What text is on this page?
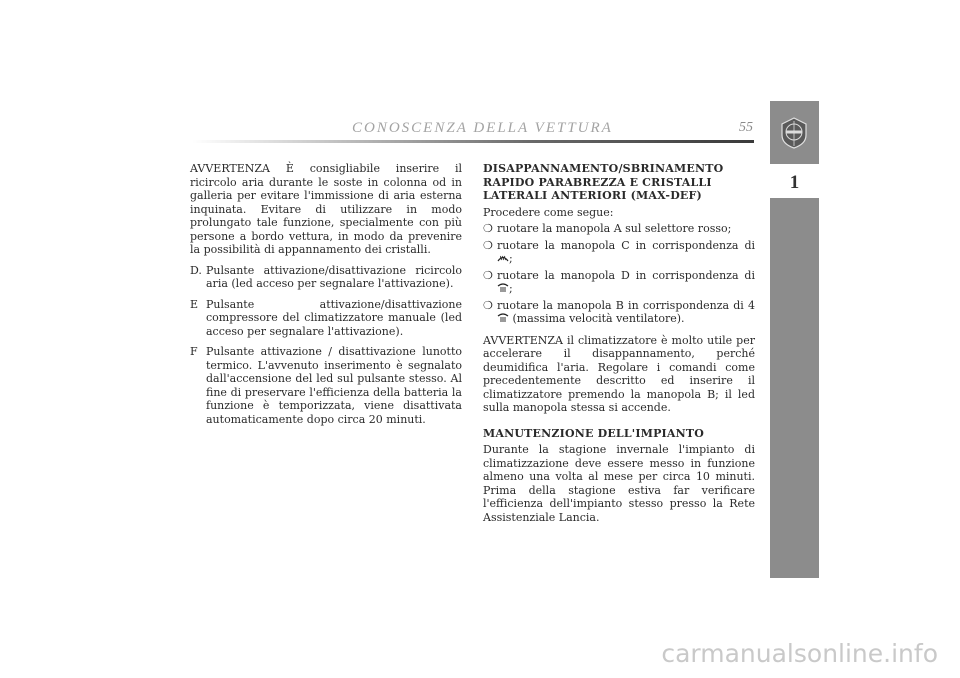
CONOSCENZA DELLA VETTURA	55
1

AVVERTENZA È consigliabile inserire il ricircolo aria durante le soste in colonna od in galleria per evitare l'immissione di aria esterna inquinata. Evitare di utilizzare in modo prolungato tale funzione, specialmente con più persone a bordo vettura, in modo da prevenire la possibilità di appannamento dei cristalli.

D. Pulsante attivazione/disattivazione ricircolo aria (led acceso per segnalare l'attivazione).
E Pulsante attivazione/disattivazione compressore del climatizzatore manuale (led acceso per segnalare l'attivazione).
F Pulsante attivazione / disattivazione lunotto termico. L'avvenuto inserimento è segnalato dall'accensione del led sul pulsante stesso. Al fine di preservare l'efficienza della batteria la funzione è temporizzata, viene disattivata automaticamente dopo circa 20 minuti.
DISAPPANNAMENTO/SBRINAMENTO RAPIDO PARABREZZA E CRISTALLI LATERALI ANTERIORI (MAX-DEF)

Procedere come segue:

❍ ruotare la manopola A sul selettore rosso;
❍ ruotare la manopola C in corrispondenza di ;
❍ ruotare la manopola D in corrispondenza di ;
❍ ruotare la manopola B in corrispondenza di 4  (massima velocità ventilatore).

AVVERTENZA il climatizzatore è molto utile per accelerare il disappannamento, perché deumidifica l'aria. Regolare i comandi come precedentemente descritto ed inserire il climatizzatore premendo la manopola B; il led sulla manopola stessa si accende.

MANUTENZIONE DELL'IMPIANTO

Durante la stagione invernale l'impianto di climatizzazione deve essere messo in funzione almeno una volta al mese per circa 10 minuti. Prima della stagione estiva far verificare l'efficienza dell'impianto stesso presso la Rete Assistenziale Lancia.

carmanualsonline.info
